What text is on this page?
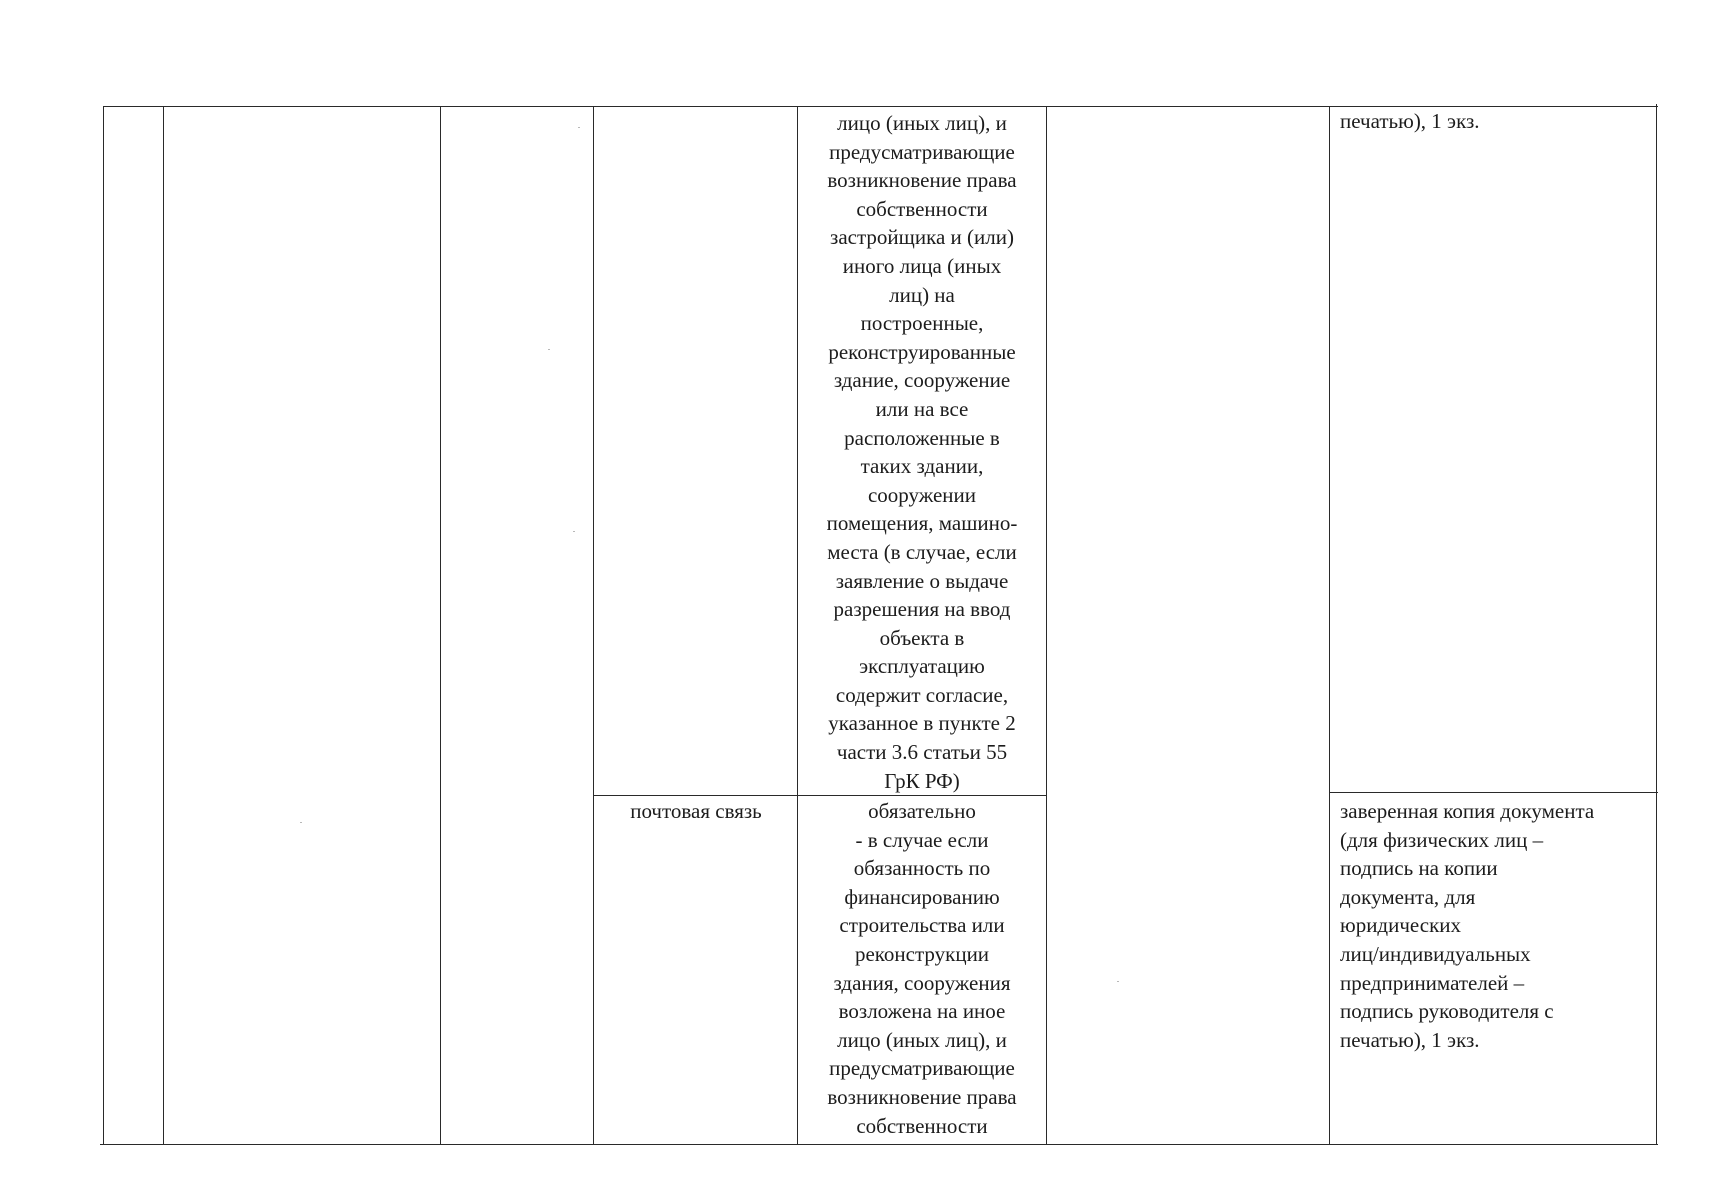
лицо (иных лиц), и
предусматривающие
возникновение права
собственности
застройщика и (или)
иного лица (иных
лиц) на
построенные,
реконструированные
здание, сооружение
или на все
расположенные в
таких здании,
сооружении
помещения, машино-
места (в случае, если
заявление о выдаче
разрешения на ввод
объекта в
эксплуатацию
содержит согласие,
указанное в пункте 2
части 3.6 статьи 55
ГрК РФ)
печатью), 1 экз.
почтовая связь	обязательно
- в случае если
обязанность по
финансированию
строительства или
реконструкции
здания, сооружения
возложена на иное
лицо (иных лиц), и
предусматривающие
возникновение права
собственности
заверенная копия документа
(для физических лиц –
подпись на копии
документа, для
юридических
лиц/индивидуальных
предпринимателей –
подпись руководителя с
печатью), 1 экз.
